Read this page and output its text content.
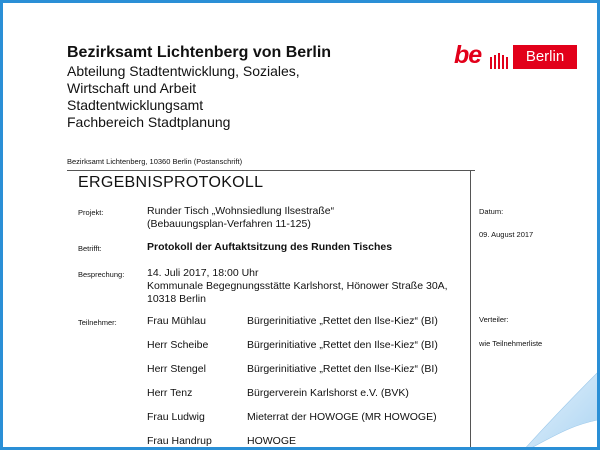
Bezirksamt Lichtenberg von Berlin
Abteilung Stadtentwicklung, Soziales,
Wirtschaft und Arbeit
Stadtentwicklungsamt
Fachbereich Stadtplanung
be	Berlin
Bezirksamt Lichtenberg, 10360 Berlin (Postanschrift)
ERGEBNISPROTOKOLL
Projekt:	Runder Tisch „Wohnsiedlung Ilsestraße“
(Bebauungsplan-Verfahren 11-125)
Betrifft:	Protokoll der Auftaktsitzung des Runden Tisches
Besprechung: 14. Juli 2017, 18:00 Uhr
Kommunale Begegnungsstätte Karlshorst, Hönower Straße 30A,
10318 Berlin
Teilnehmer:	Frau Mühlau	Bürgerinitiative „Rettet den Ilse-Kiez“ (BI)
Herr Scheibe	Bürgerinitiative „Rettet den Ilse-Kiez“ (BI)
Herr Stengel	Bürgerinitiative „Rettet den Ilse-Kiez“ (BI)
Herr Tenz	Bürgerverein Karlshorst e.V. (BVK)
Frau Ludwig	Mieterrat der HOWOGE (MR HOWOGE)
Frau Handrup	HOWOGE
Datum:
09. August 2017
Verteiler:
wie Teilnehmerliste
